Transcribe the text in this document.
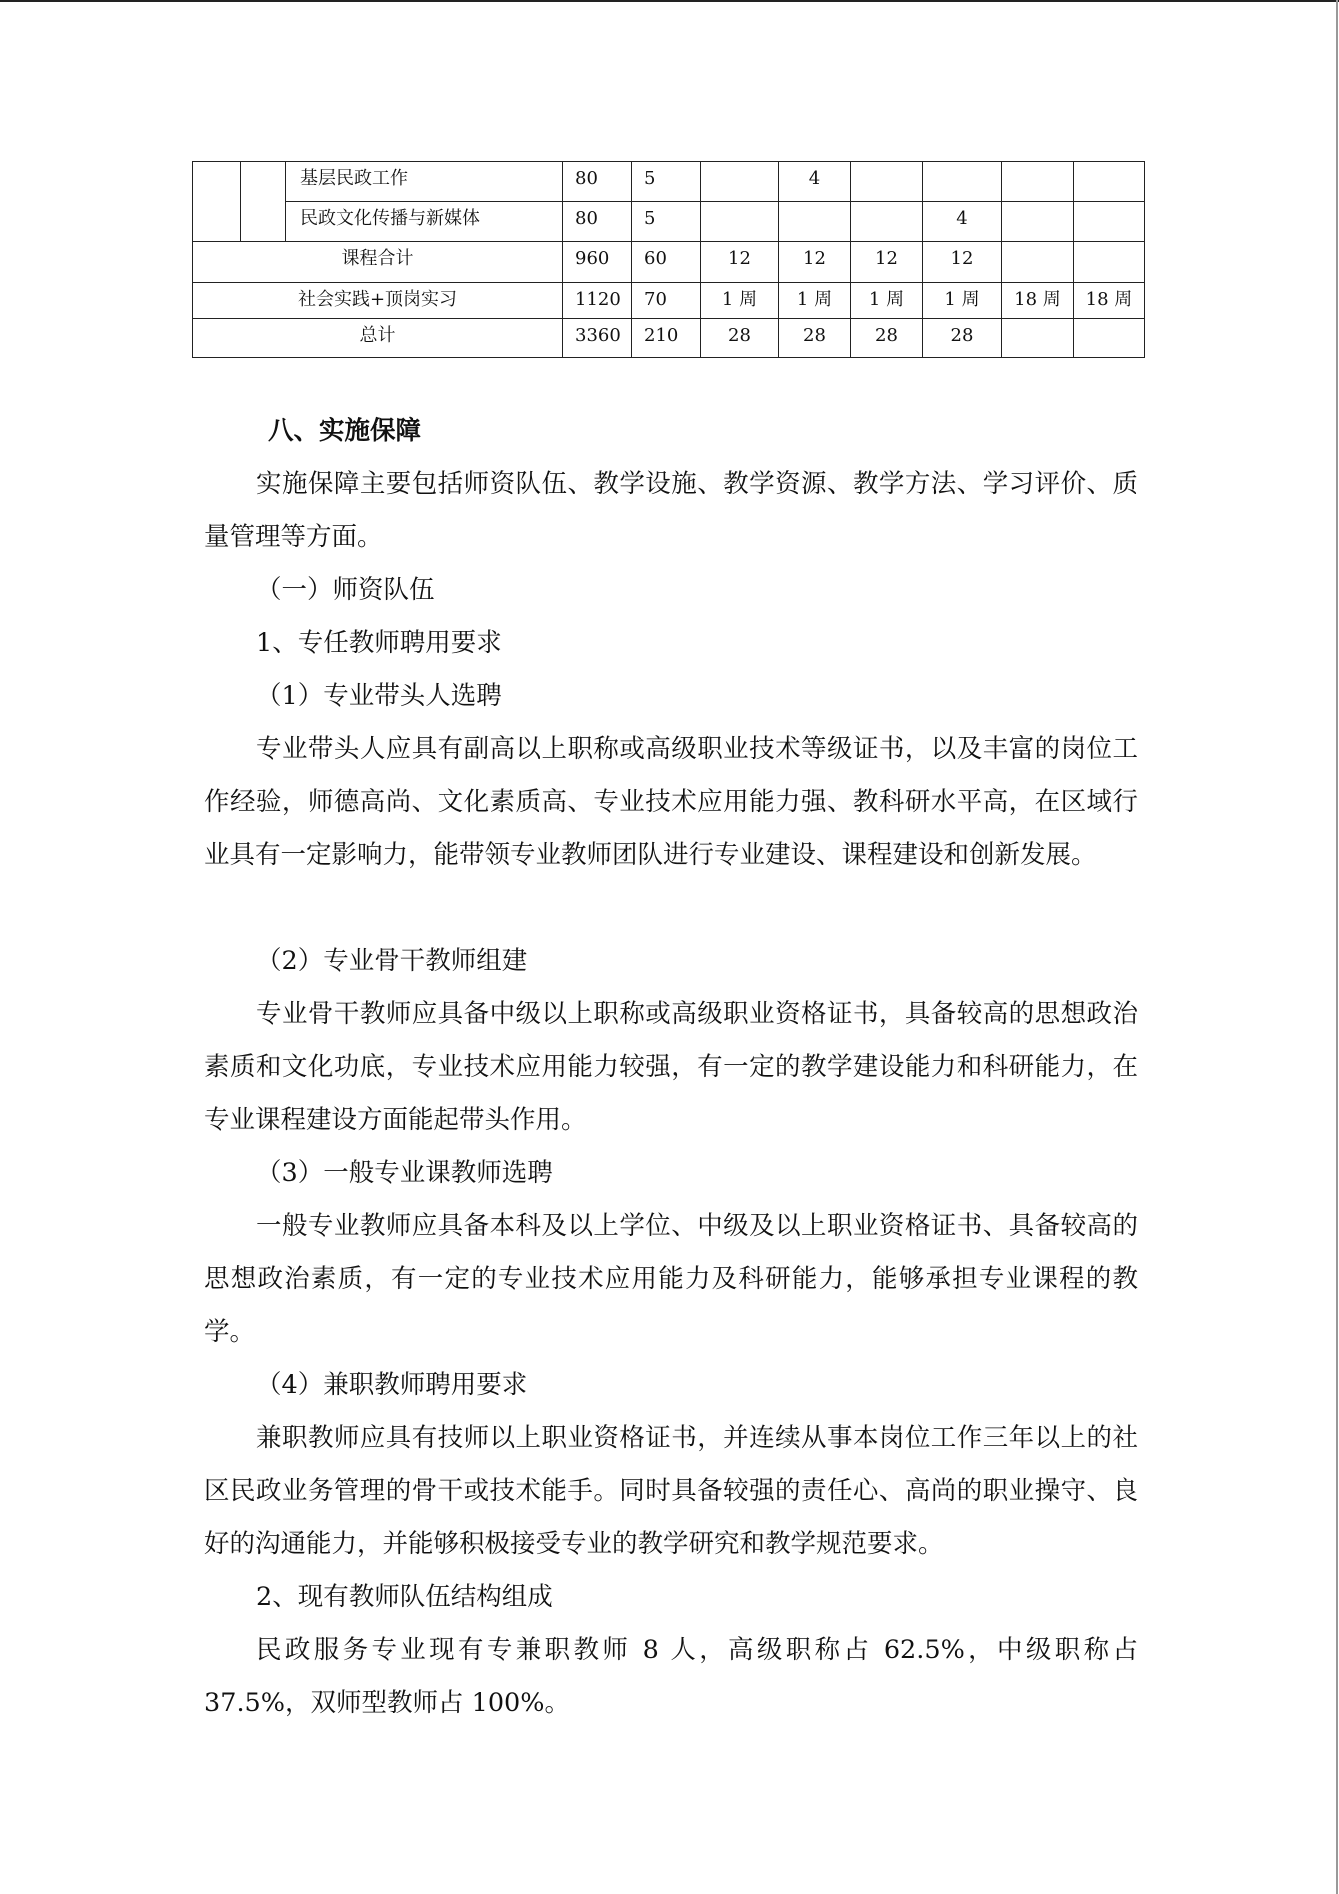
		基层民政工作	80	5		4				
		民政文化传播与新媒体	80	5				4		
课程合计			960	60	12	12	12	12		
社会实践+顶岗实习			1120	70	1 周	1 周	1 周	1 周	18 周	18 周
总计			3360	210	28	28	28	28		

八、实施保障

实施保障主要包括师资队伍、教学设施、教学资源、教学方法、学习评价、质量管理等方面。

（一）师资队伍

1、专任教师聘用要求

（1）专业带头人选聘

专业带头人应具有副高以上职称或高级职业技术等级证书，以及丰富的岗位工作经验，师德高尚、文化素质高、专业技术应用能力强、教科研水平高，在区域行业具有一定影响力，能带领专业教师团队进行专业建设、课程建设和创新发展。

（2）专业骨干教师组建

专业骨干教师应具备中级以上职称或高级职业资格证书，具备较高的思想政治素质和文化功底，专业技术应用能力较强，有一定的教学建设能力和科研能力，在专业课程建设方面能起带头作用。

（3）一般专业课教师选聘

一般专业教师应具备本科及以上学位、中级及以上职业资格证书、具备较高的思想政治素质，有一定的专业技术应用能力及科研能力，能够承担专业课程的教学。

（4）兼职教师聘用要求

兼职教师应具有技师以上职业资格证书，并连续从事本岗位工作三年以上的社区民政业务管理的骨干或技术能手。同时具备较强的责任心、高尚的职业操守、良好的沟通能力，并能够积极接受专业的教学研究和教学规范要求。

2、现有教师队伍结构组成

民政服务专业现有专兼职教师 8 人，高级职称占 62.5%，中级职称占 37.5%，双师型教师占 100%。
